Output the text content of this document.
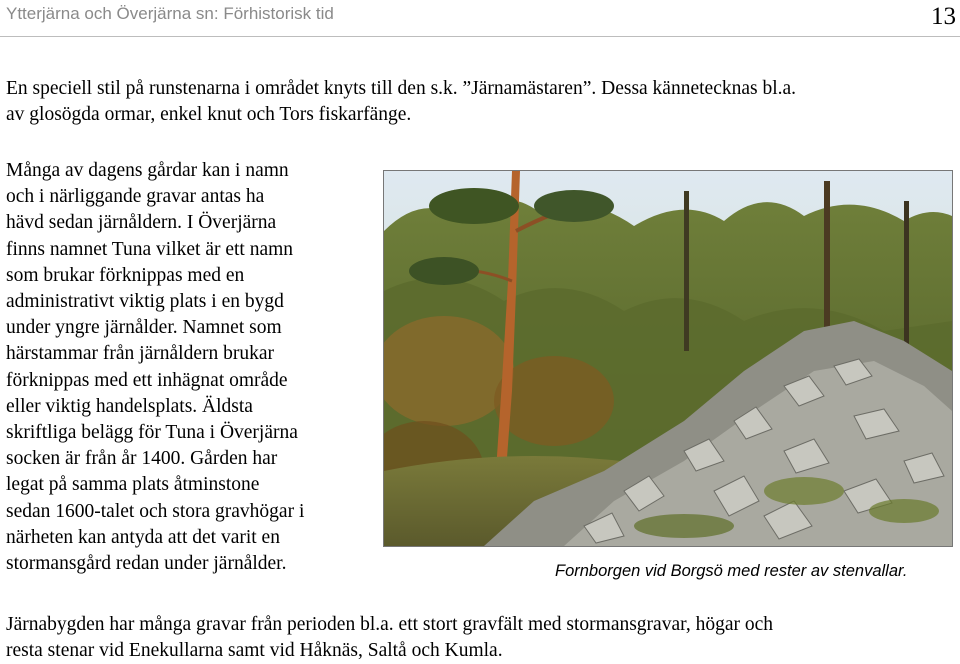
Ytterjärna och Överjärna sn: Förhistorisk tid	13

En speciell stil på runstenarna i området knyts till den s.k. ”Järnamästaren”. Dessa kännetecknas bl.a.
av glosögda ormar, enkel knut och Tors fiskarfänge.

Många av dagens gårdar kan i namn
och i närliggande gravar antas ha
hävd sedan järnåldern. I Överjärna
finns namnet Tuna vilket är ett namn
som brukar förknippas med en
administrativt viktig plats i en bygd
under yngre järnålder. Namnet som
härstammar från järnåldern brukar
förknippas med ett inhägnat område
eller viktig handelsplats. Äldsta
skriftliga belägg för Tuna i Överjärna
socken är från år 1400. Gården har
legat på samma plats åtminstone
sedan 1600-talet och stora gravhögar i
närheten kan antyda att det varit en
stormansgård redan under järnålder.	Fornborgen vid Borgsö med rester av stenvallar.

Järnabygden har många gravar från perioden bl.a. ett stort gravfält med stormansgravar, högar och
resta stenar vid Enekullarna samt vid Håknäs, Saltå och Kumla.
